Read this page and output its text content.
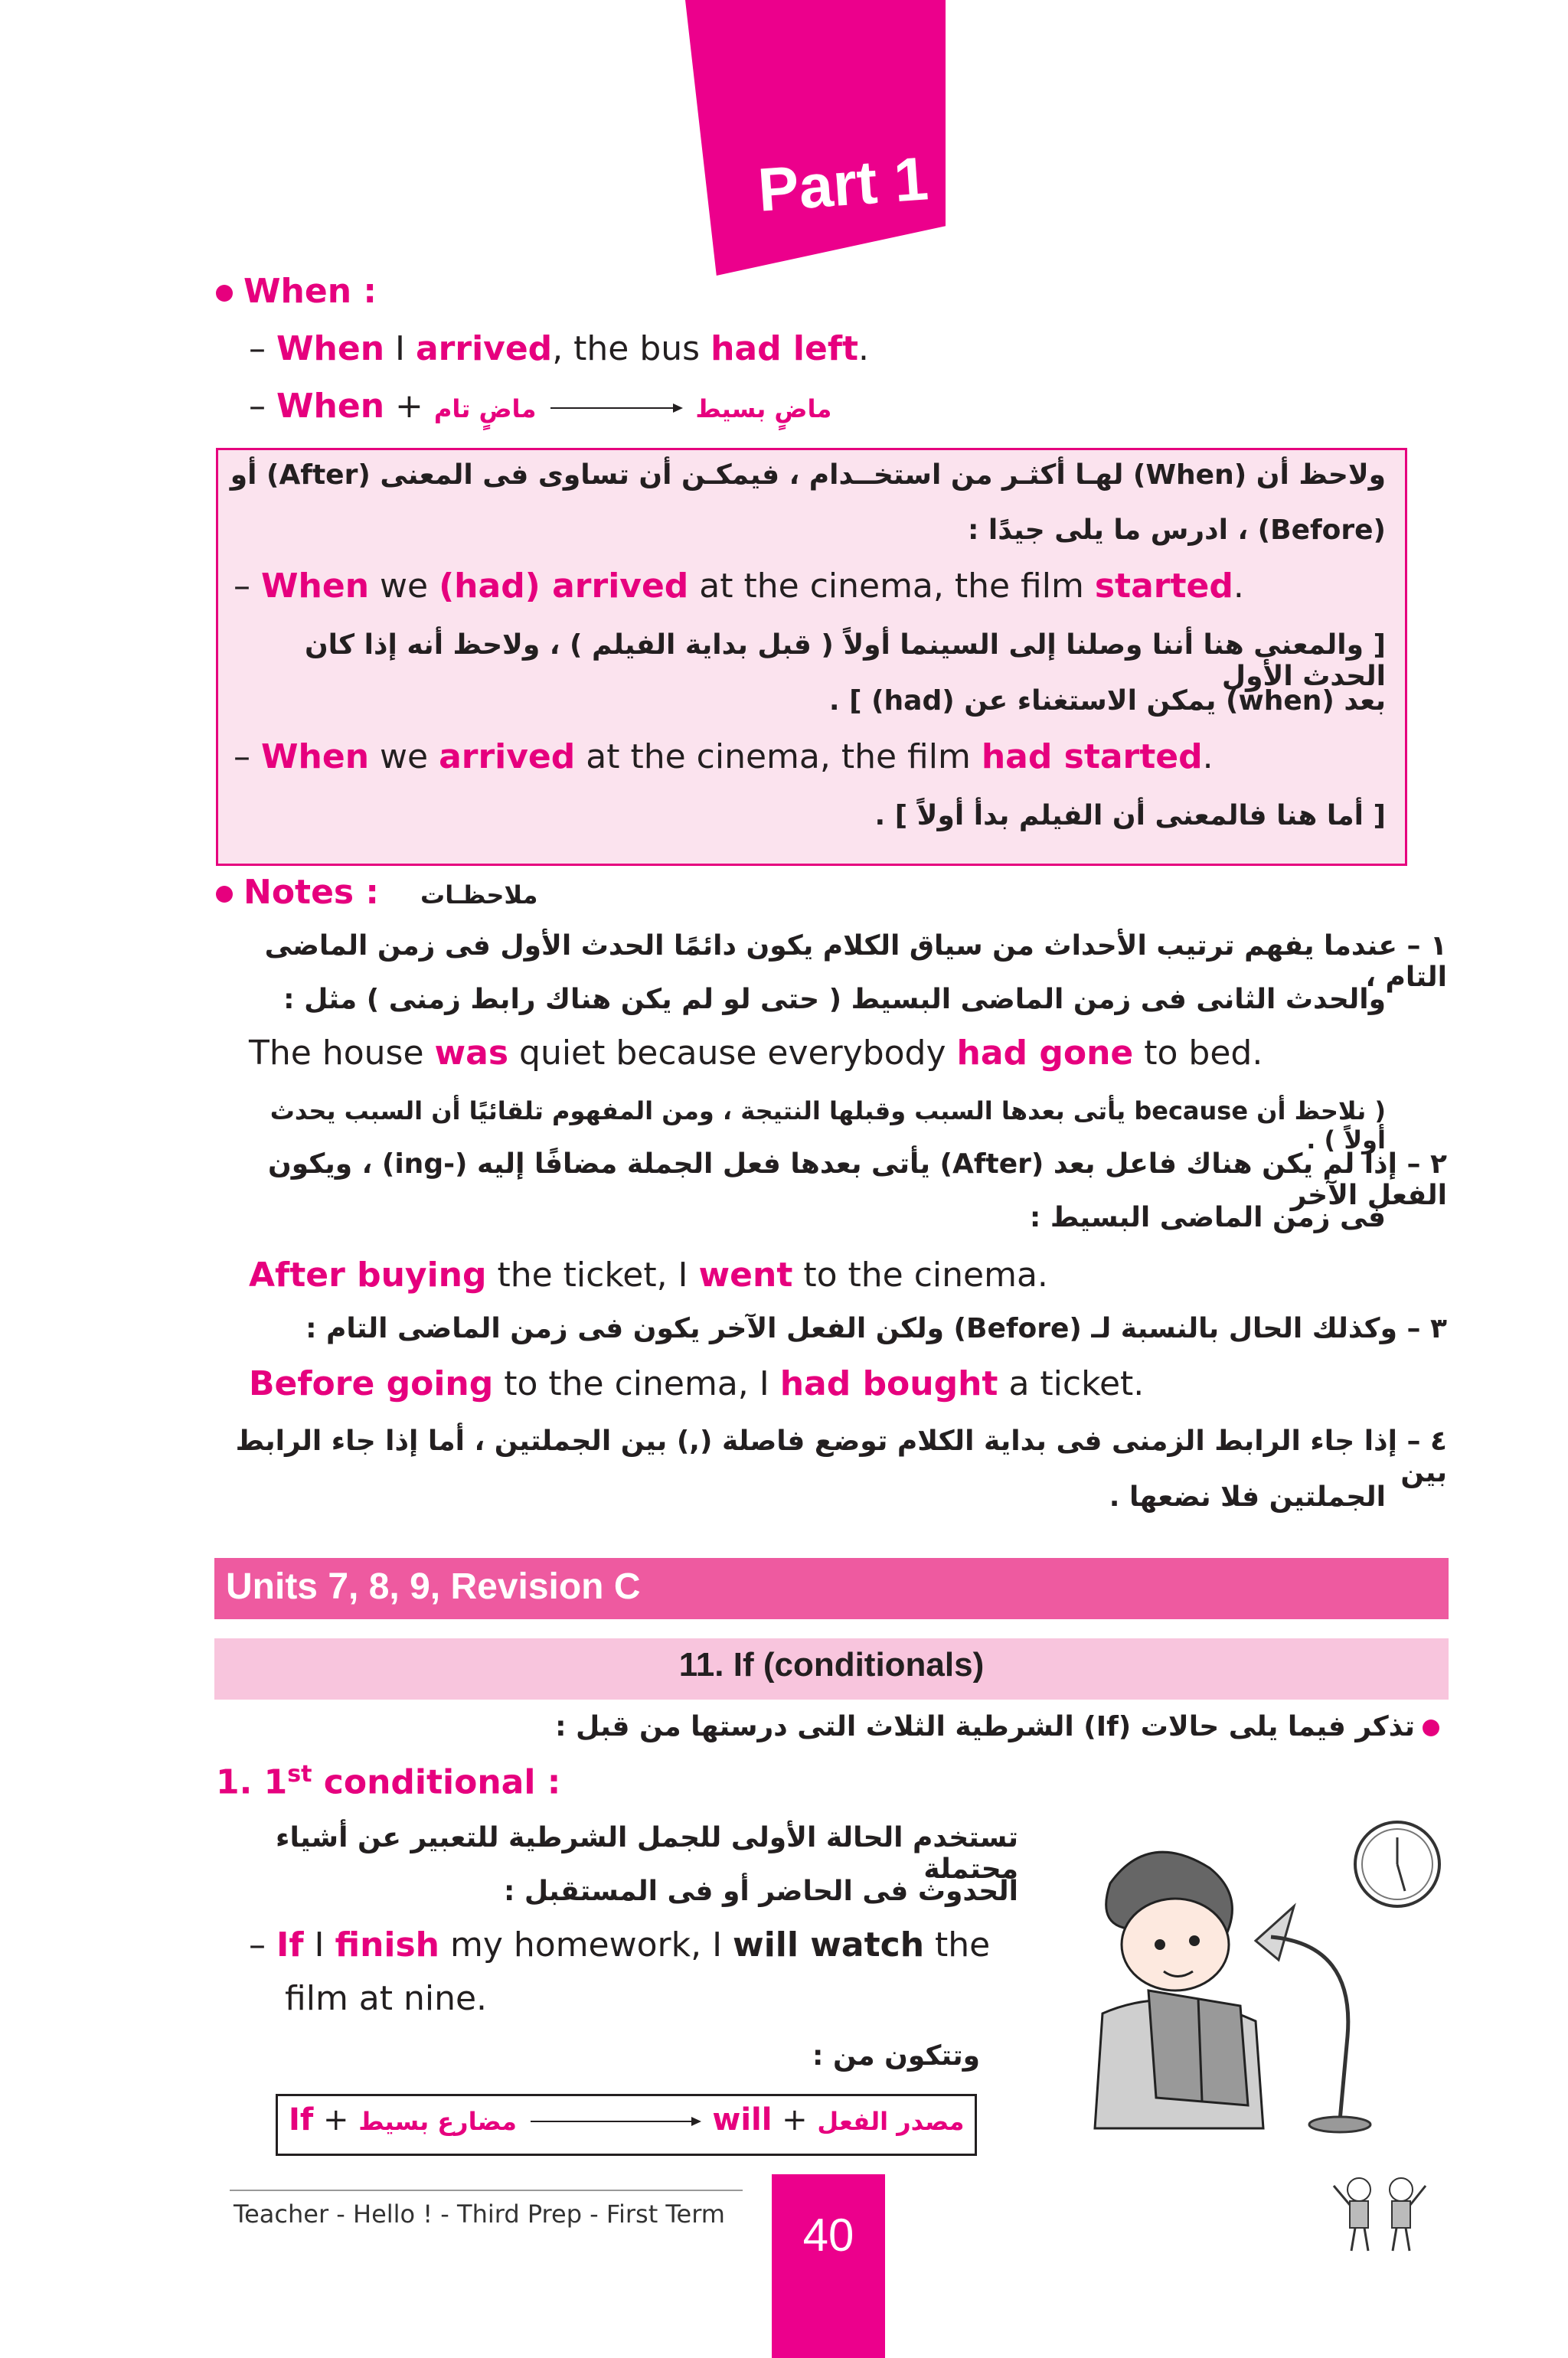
Part 1
When :
– When I arrived, the bus had left.
– When +	ماضٍ بسيط  ماضٍ تام
ولاحظ أن (When) لهـا أكثـر من استخــدام ، فيمكـن أن تساوى فى المعنى (After) أو
(Before) ، ادرس ما يلى جيدًا :
– When we (had) arrived at the cinema, the film started.
[ والمعنى هنا أننا وصلنا إلى السينما أولاً ( قبل بداية الفيلم ) ، ولاحظ أنه إذا كان الحدث الأول
بعد (when) يمكن الاستغناء عن (had) ] .
– When we arrived at the cinema, the film had started.
[ أما هنا فالمعنى أن الفيلم بدأ أولاً ] .
Notes : ملاحظـات
١ – عندما يفهم ترتيب الأحداث من سياق الكلام يكون دائمًا الحدث الأول فى زمن الماضى التام ،
والحدث الثانى فى زمن الماضى البسيط ( حتى لو لم يكن هناك رابط زمنى ) مثل :
The house was quiet because everybody had gone to bed.
( نلاحظ أن because يأتى بعدها السبب وقبلها النتيجة ، ومن المفهوم تلقائيًا أن السبب يحدث أولاً ) .
٢ – إذا لم يكن هناك فاعل بعد (After) يأتى بعدها فعل الجملة مضافًا إليه (-ing) ، ويكون الفعل الآخر
فى زمن الماضى البسيط :
After buying the ticket, I went to the cinema.
٣ – وكذلك الحال بالنسبة لـ (Before) ولكن الفعل الآخر يكون فى زمن الماضى التام :
Before going to the cinema, I had bought a ticket.
٤ – إذا جاء الرابط الزمنى فى بداية الكلام توضع فاصلة (,) بين الجملتين ، أما إذا جاء الرابط بين
الجملتين فلا نضعها .
Units 7, 8, 9, Revision C
11. If (conditionals)
تذكر فيما يلى حالات (If) الشرطية الثلاث التى درستها من قبل :
1. 1st conditional :
تستخدم الحالة الأولى للجمل الشرطية للتعبير عن أشياء محتملة
الحدوث فى الحاضر أو فى المستقبل :
– If I finish my homework, I will watch the
film at nine.
وتتكون من :
If + مضارع بسيط	will + مصدر الفعل
Teacher - Hello ! - Third Prep - First Term	40
